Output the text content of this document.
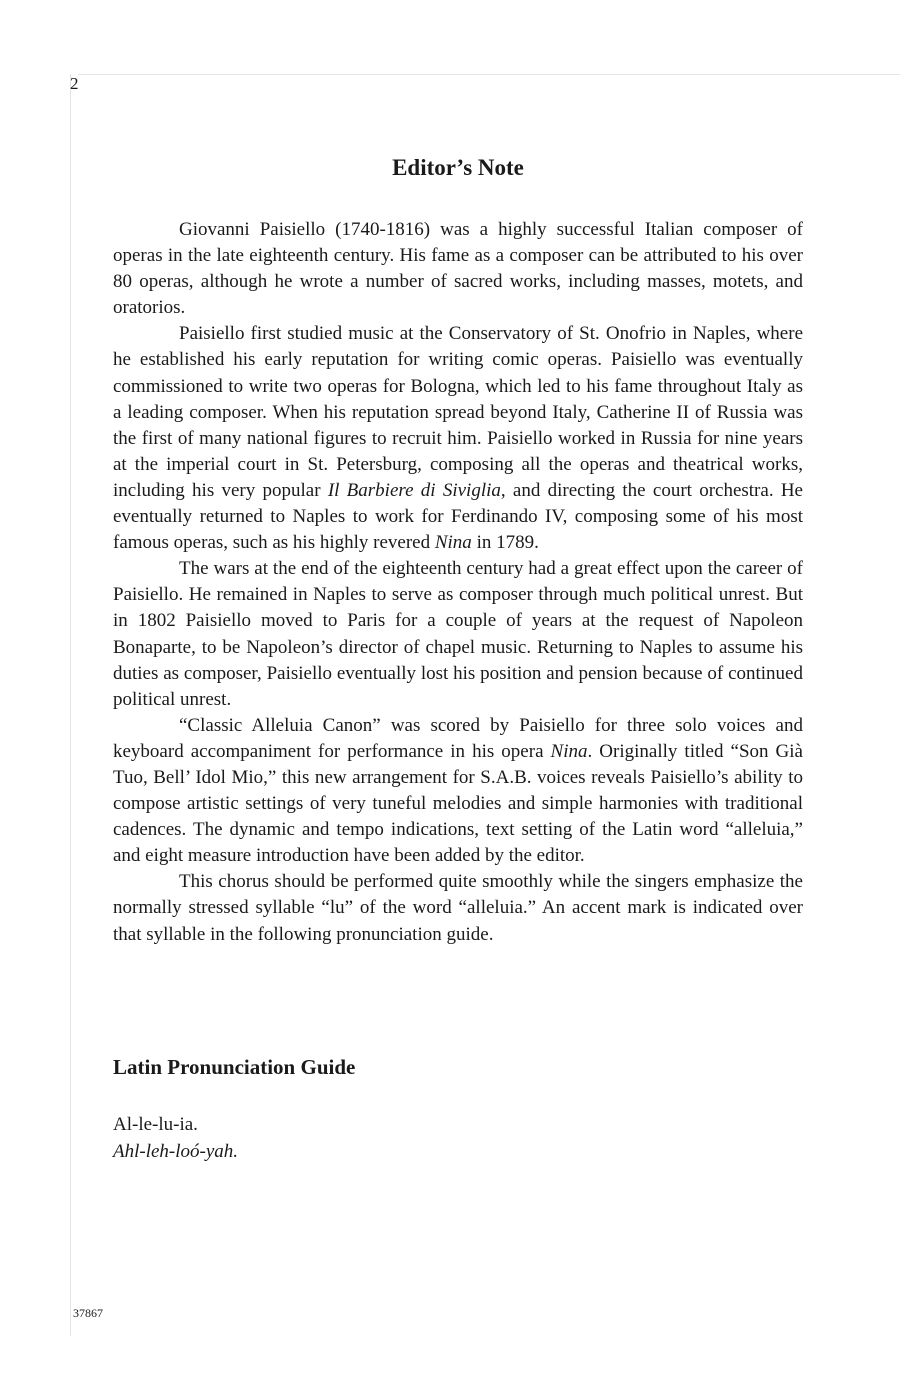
2
Editor’s Note

Giovanni Paisiello (1740-1816) was a highly successful Italian composer of operas in the late eighteenth century. His fame as a composer can be attributed to his over 80 operas, although he wrote a number of sacred works, including masses, motets, and oratorios.

Paisiello first studied music at the Conservatory of St. Onofrio in Naples, where he established his early reputation for writing comic operas. Paisiello was eventually commissioned to write two operas for Bologna, which led to his fame throughout Italy as a leading composer. When his reputation spread beyond Italy, Catherine II of Russia was the first of many national figures to recruit him. Paisiello worked in Russia for nine years at the imperial court in St. Petersburg, composing all the operas and theatrical works, including his very popular Il Barbiere di Siviglia, and directing the court orchestra. He eventually returned to Naples to work for Ferdinando IV, composing some of his most famous operas, such as his highly revered Nina in 1789.

The wars at the end of the eighteenth century had a great effect upon the career of Paisiello. He remained in Naples to serve as composer through much political unrest. But in 1802 Paisiello moved to Paris for a couple of years at the request of Napoleon Bonaparte, to be Napoleon’s director of chapel music. Returning to Naples to assume his duties as composer, Paisiello eventually lost his position and pension because of continued political unrest.

“Classic Alleluia Canon” was scored by Paisiello for three solo voices and keyboard accompaniment for performance in his opera Nina. Originally titled “Son Già Tuo, Bell’ Idol Mio,” this new arrangement for S.A.B. voices reveals Paisiello’s ability to compose artistic settings of very tuneful melodies and simple harmonies with traditional cadences. The dynamic and tempo indications, text setting of the Latin word “alleluia,” and eight measure introduction have been added by the editor.

This chorus should be performed quite smoothly while the singers emphasize the normally stressed syllable “lu” of the word “alleluia.” An accent mark is indicated over that syllable in the following pronunciation guide.

Latin Pronunciation Guide
Al-le-lu-ia.
Ahl-leh-loó-yah.
37867
